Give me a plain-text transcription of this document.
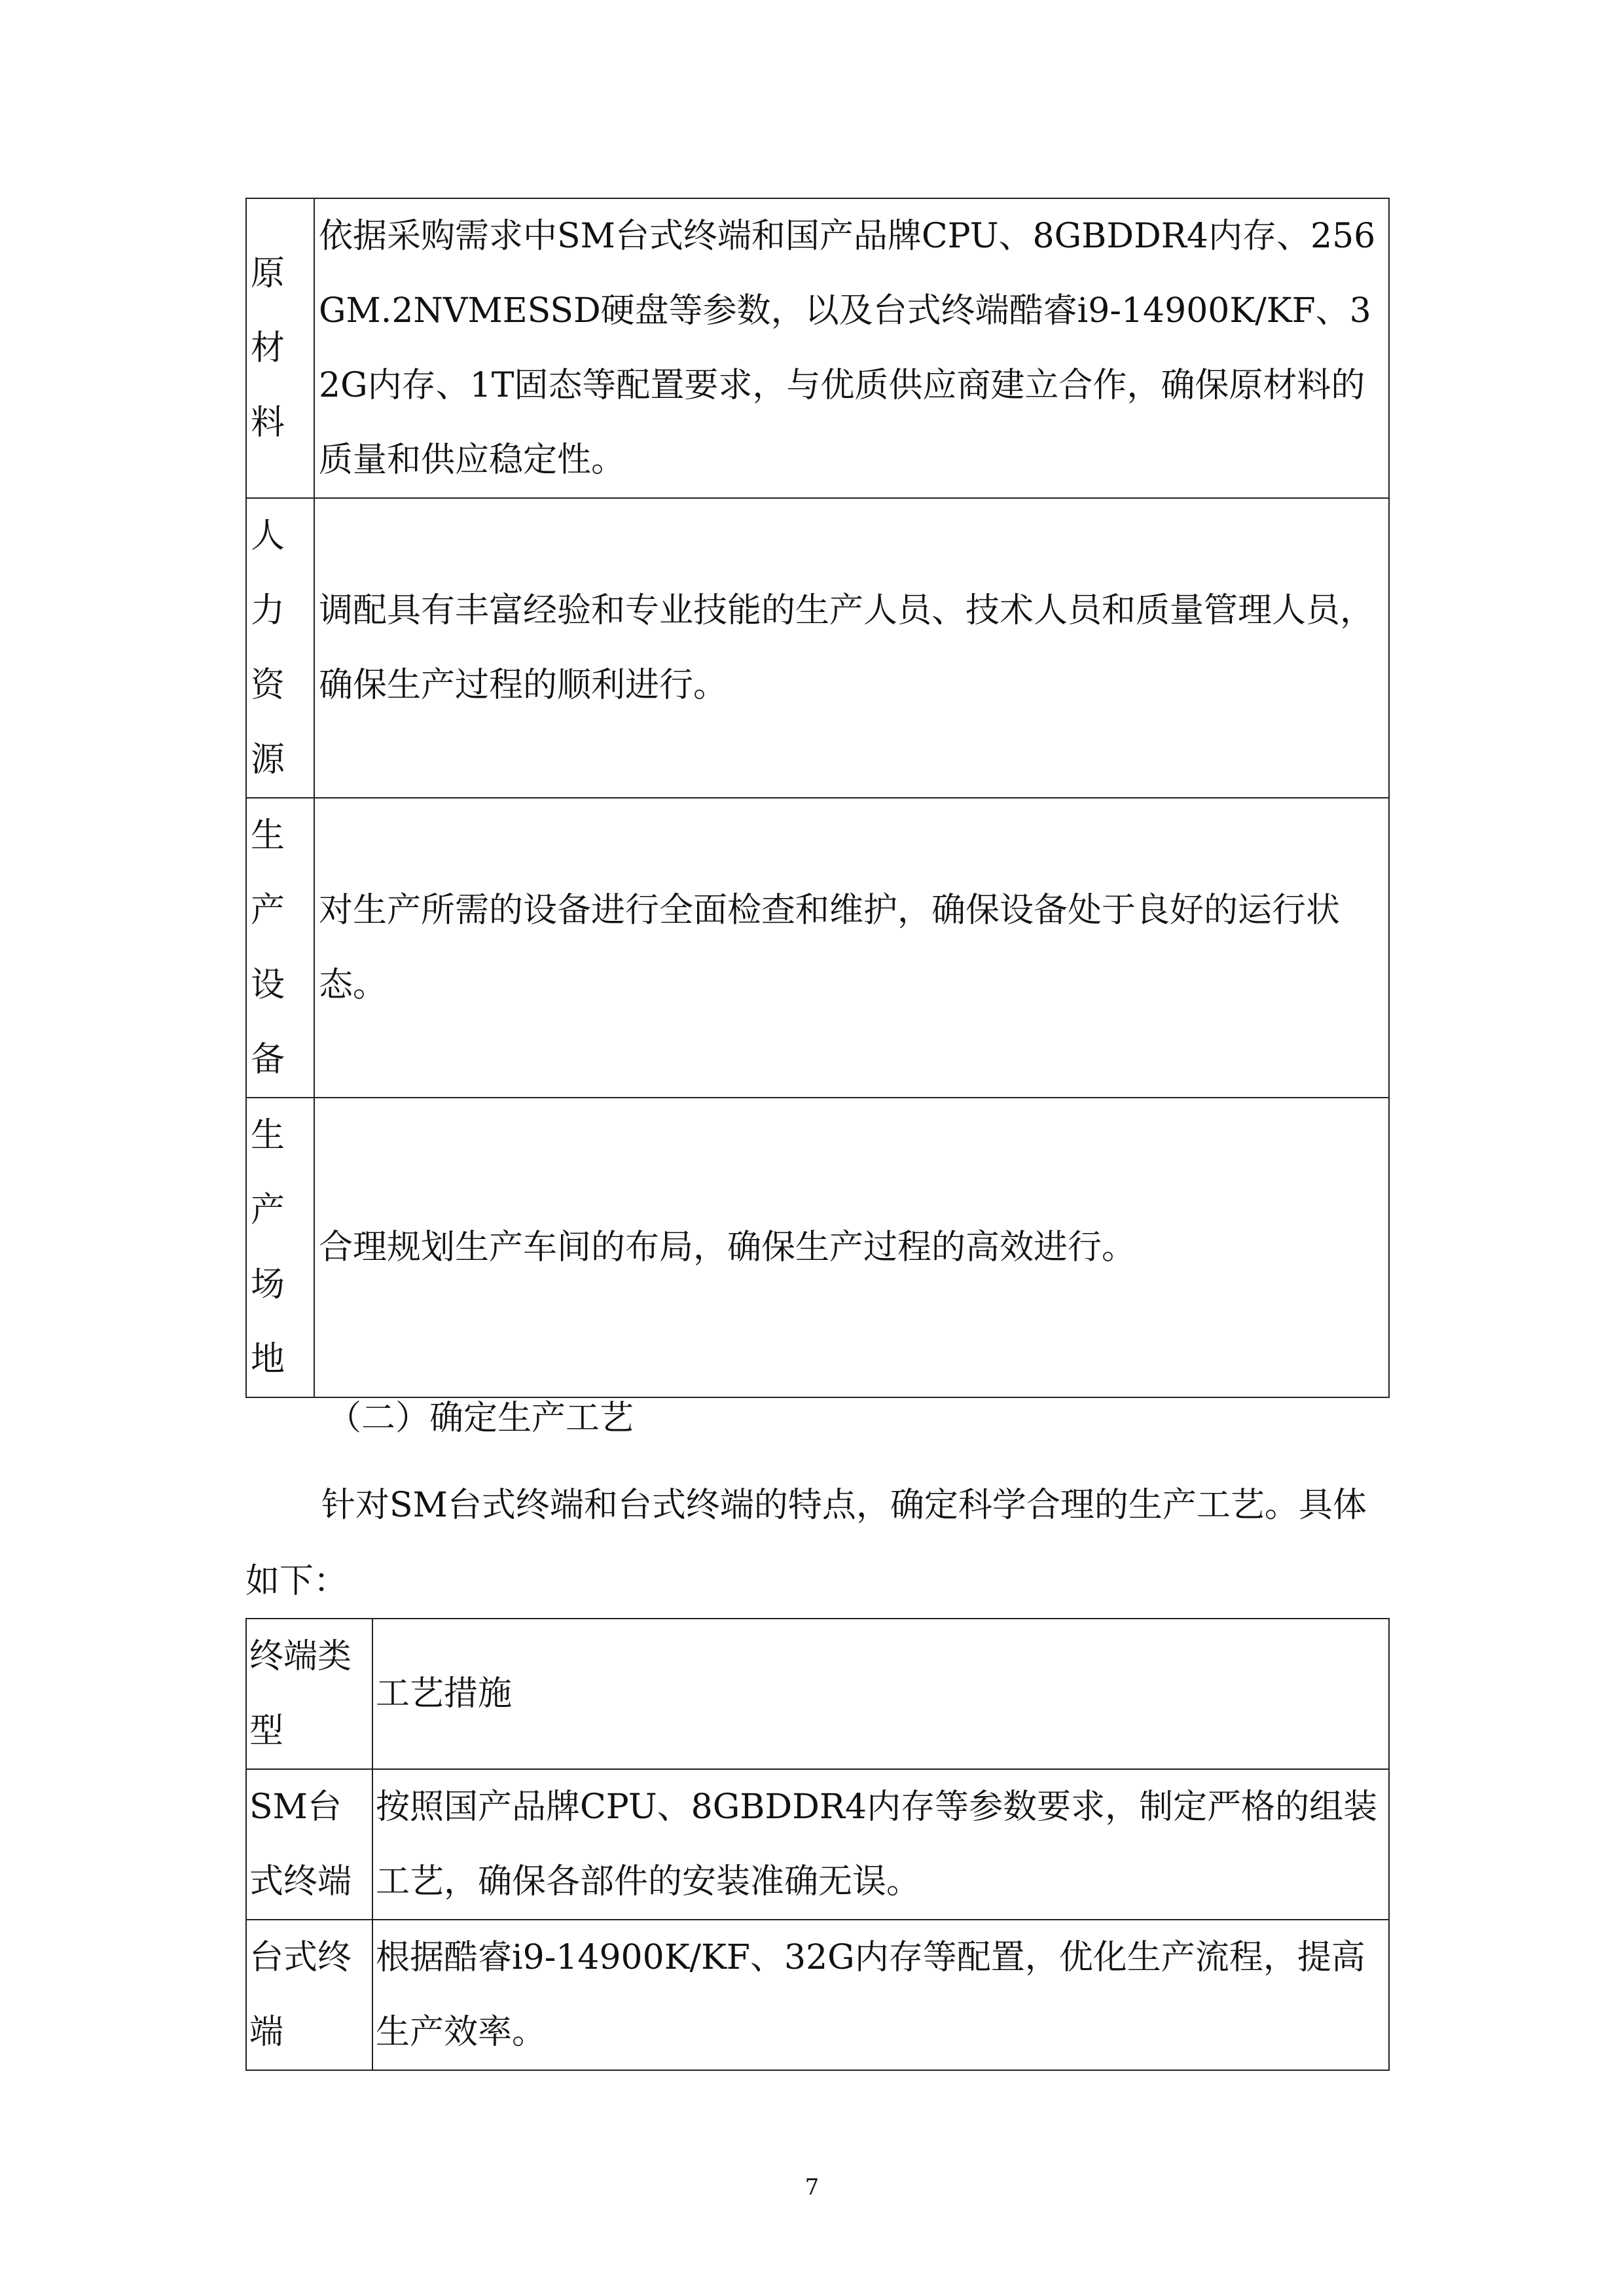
原材料	依据采购需求中SM台式终端和国产品牌CPU、8GBDDR4内存、256GM.2NVMESSD硬盘等参数，以及台式终端酷睿i9-14900K/KF、32G内存、1T固态等配置要求，与优质供应商建立合作，确保原材料的质量和供应稳定性。
人力资源	调配具有丰富经验和专业技能的生产人员、技术人员和质量管理人员，确保生产过程的顺利进行。
生产设备	对生产所需的设备进行全面检查和维护，确保设备处于良好的运行状态。
生产场地	合理规划生产车间的布局，确保生产过程的高效进行。
（二）确定生产工艺
针对SM台式终端和台式终端的特点，确定科学合理的生产工艺。具体如下：
终端类型	工艺措施
SM台式终端	按照国产品牌CPU、8GBDDR4内存等参数要求，制定严格的组装工艺，确保各部件的安装准确无误。
台式终端	根据酷睿i9-14900K/KF、32G内存等配置，优化生产流程，提高生产效率。
7
